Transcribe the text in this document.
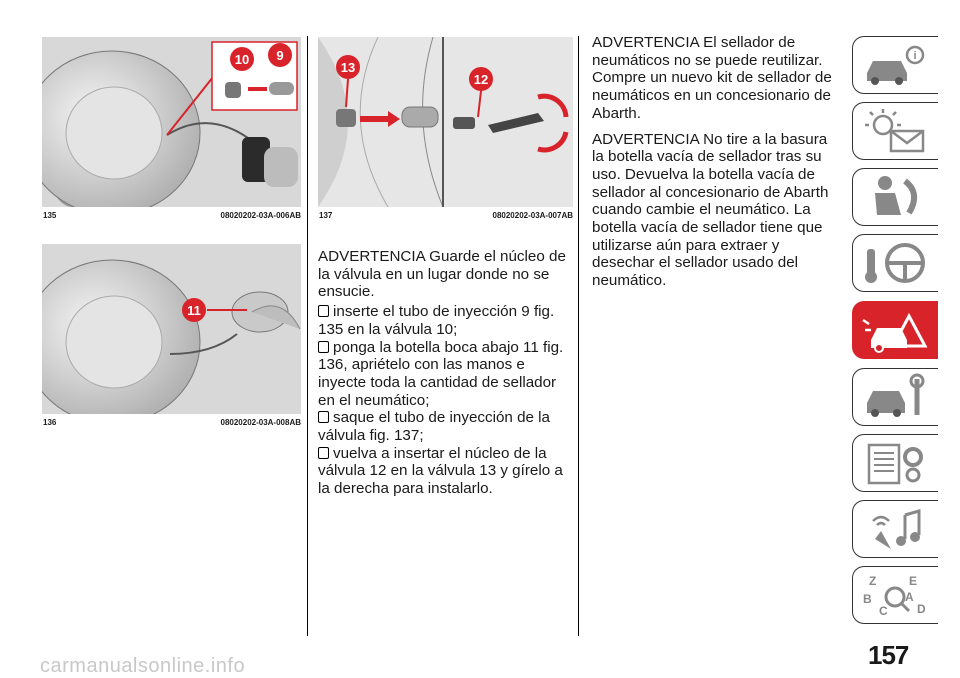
10 9
135	08020202-03A-006AB
11
136	08020202-03A-008AB
13
12
137	08020202-03A-007AB

ADVERTENCIA Guarde el núcleo de la válvula en un lugar donde no se ensucie.

inserte el tubo de inyección 9 fig. 135 en la válvula 10;
ponga la botella boca abajo 11 fig. 136, apriételo con las manos e inyecte toda la cantidad de sellador en el neumático;
saque el tubo de inyección de la válvula fig. 137;
vuelva a insertar el núcleo de la válvula 12 en la válvula 13 y gírelo a la derecha para instalarlo.

ADVERTENCIA El sellador de neumáticos no se puede reutilizar. Compre un nuevo kit de sellador de neumáticos en un concesionario de Abarth.

ADVERTENCIA No tire a la basura la botella vacía de sellador tras su uso. Devuelva la botella vacía de sellador al concesionario de Abarth cuando cambie el neumático. La botella vacía de sellador tiene que utilizarse aún para extraer y desechar el sellador usado del neumático.

i
Z	E
B	A
C D
157
carmanualsonline.info
